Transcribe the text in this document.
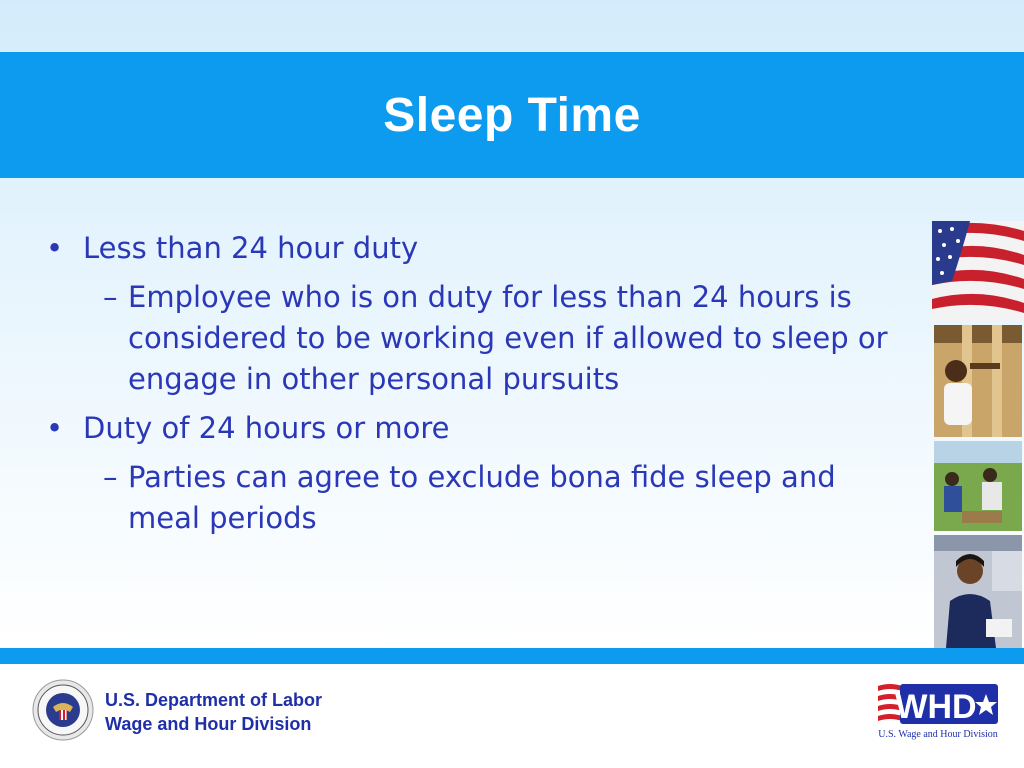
Sleep Time
• Less than 24 hour duty
– Employee who is on duty for less than 24 hours is considered to be working even if allowed to sleep or engage in other personal pursuits
• Duty of 24 hours or more
– Parties can agree to exclude bona fide sleep and meal periods
U.S. Department of Labor
Wage and Hour Division	WHD
U.S. Wage and Hour Division
